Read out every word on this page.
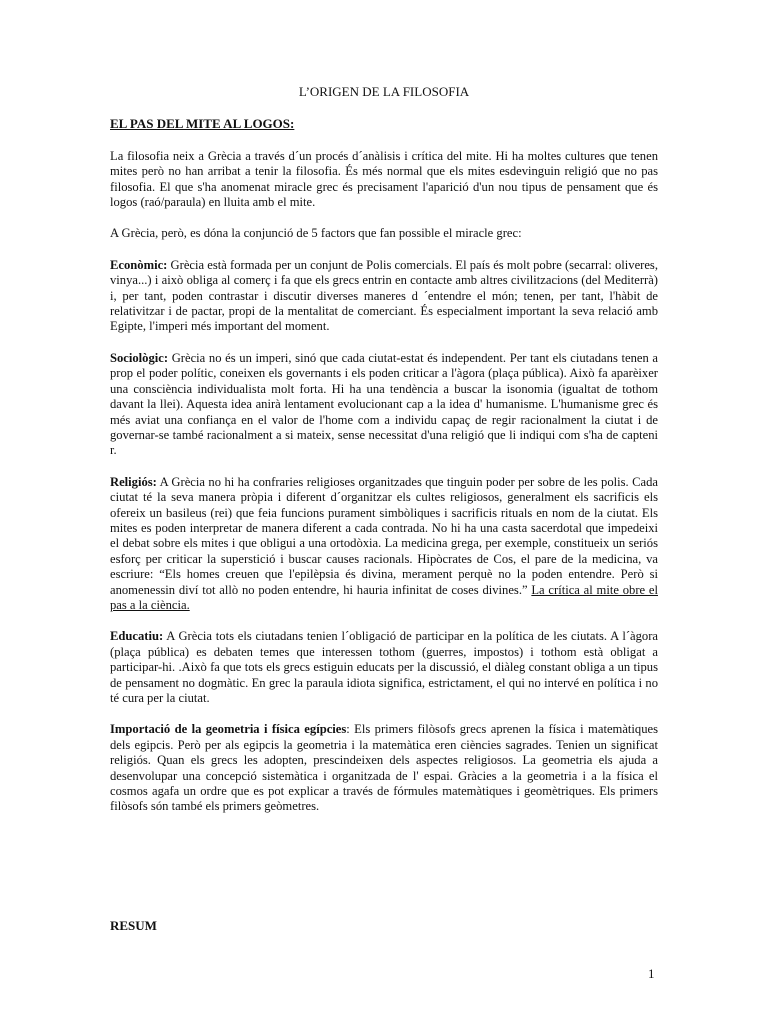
L’ORIGEN DE LA FILOSOFIA
EL PAS DEL MITE AL LOGOS:

La filosofia neix a Grècia a través d´un procés d´anàlisis i crítica del mite. Hi ha moltes cultures que tenen mites però no han arribat a tenir la filosofia. És més normal que els mites esdevinguin religió que no pas filosofia. El que s'ha anomenat miracle grec és precisament l'aparició d'un nou tipus de pensament que és logos (raó/paraula) en lluita amb el mite.

A Grècia, però, es dóna la conjunció de 5 factors que fan possible el miracle grec:

Econòmic: Grècia està formada per un conjunt de Polis comercials. El país és molt pobre (secarral: oliveres, vinya...) i això obliga al comerç i fa que els grecs entrin en contacte amb altres civilitzacions (del Mediterrà) i, per tant, poden contrastar i discutir diverses maneres d ´entendre el món; tenen, per tant, l'hàbit de relativitzar i de pactar, propi de la mentalitat de comerciant. És especialment important la seva relació amb Egipte, l'imperi més important del moment.

Sociològic: Grècia no és un imperi, sinó que cada ciutat-estat és independent. Per tant els ciutadans tenen a prop el poder polític, coneixen els governants i els poden criticar a l'àgora (plaça pública). Això fa aparèixer una consciència individualista molt forta. Hi ha una tendència a buscar la isonomia (igualtat de tothom davant la llei). Aquesta idea anirà lentament evolucionant cap a la idea d' humanisme. L'humanisme grec és més aviat una confiança en el valor de l'home com a individu capaç de regir racionalment la ciutat i de governar-se també racionalment a si mateix, sense necessitat d'una religió que li indiqui com s'ha de capteni r.

Religiós: A Grècia no hi ha confraries religioses organitzades que tinguin poder per sobre de les polis. Cada ciutat té la seva manera pròpia i diferent d´organitzar els cultes religiosos, generalment els sacrificis els ofereix un basileus (rei) que feia funcions purament simbòliques i sacrificis rituals en nom de la ciutat. Els mites es poden interpretar de manera diferent a cada contrada. No hi ha una casta sacerdotal que impedeixi el debat sobre els mites i que obligui a una ortodòxia. La medicina grega, per exemple, constitueix un seriós esforç per criticar la superstició i buscar causes racionals. Hipòcrates de Cos, el pare de la medicina, va escriure: “Els homes creuen que l'epilèpsia és divina, merament perquè no la poden entendre. Però si anomenessin diví tot allò no poden entendre, hi hauria infinitat de coses divines.” La crítica al mite obre el pas a la ciència.

Educatiu: A Grècia tots els ciutadans tenien l´obligació de participar en la política de les ciutats. A l´àgora (plaça pública) es debaten temes que interessen tothom (guerres, impostos) i tothom està obligat a participar-hi. .Això fa que tots els grecs estiguin educats per la discussió, el diàleg constant obliga a un tipus de pensament no dogmàtic. En grec la paraula idiota significa, estrictament, el qui no intervé en política i no té cura per la ciutat.

Importació de la geometria i física egípcies: Els primers filòsofs grecs aprenen la física i matemàtiques dels egipcis. Però per als egipcis la geometria i la matemàtica eren ciències sagrades. Tenien un significat religiós. Quan els grecs les adopten, prescindeixen dels aspectes religiosos. La geometria els ajuda a desenvolupar una concepció sistemàtica i organitzada de l' espai. Gràcies a la geometria i a la física el cosmos agafa un ordre que es pot explicar a través de fórmules matemàtiques i geomètriques. Els primers filòsofs són també els primers geòmetres.

RESUM
1
